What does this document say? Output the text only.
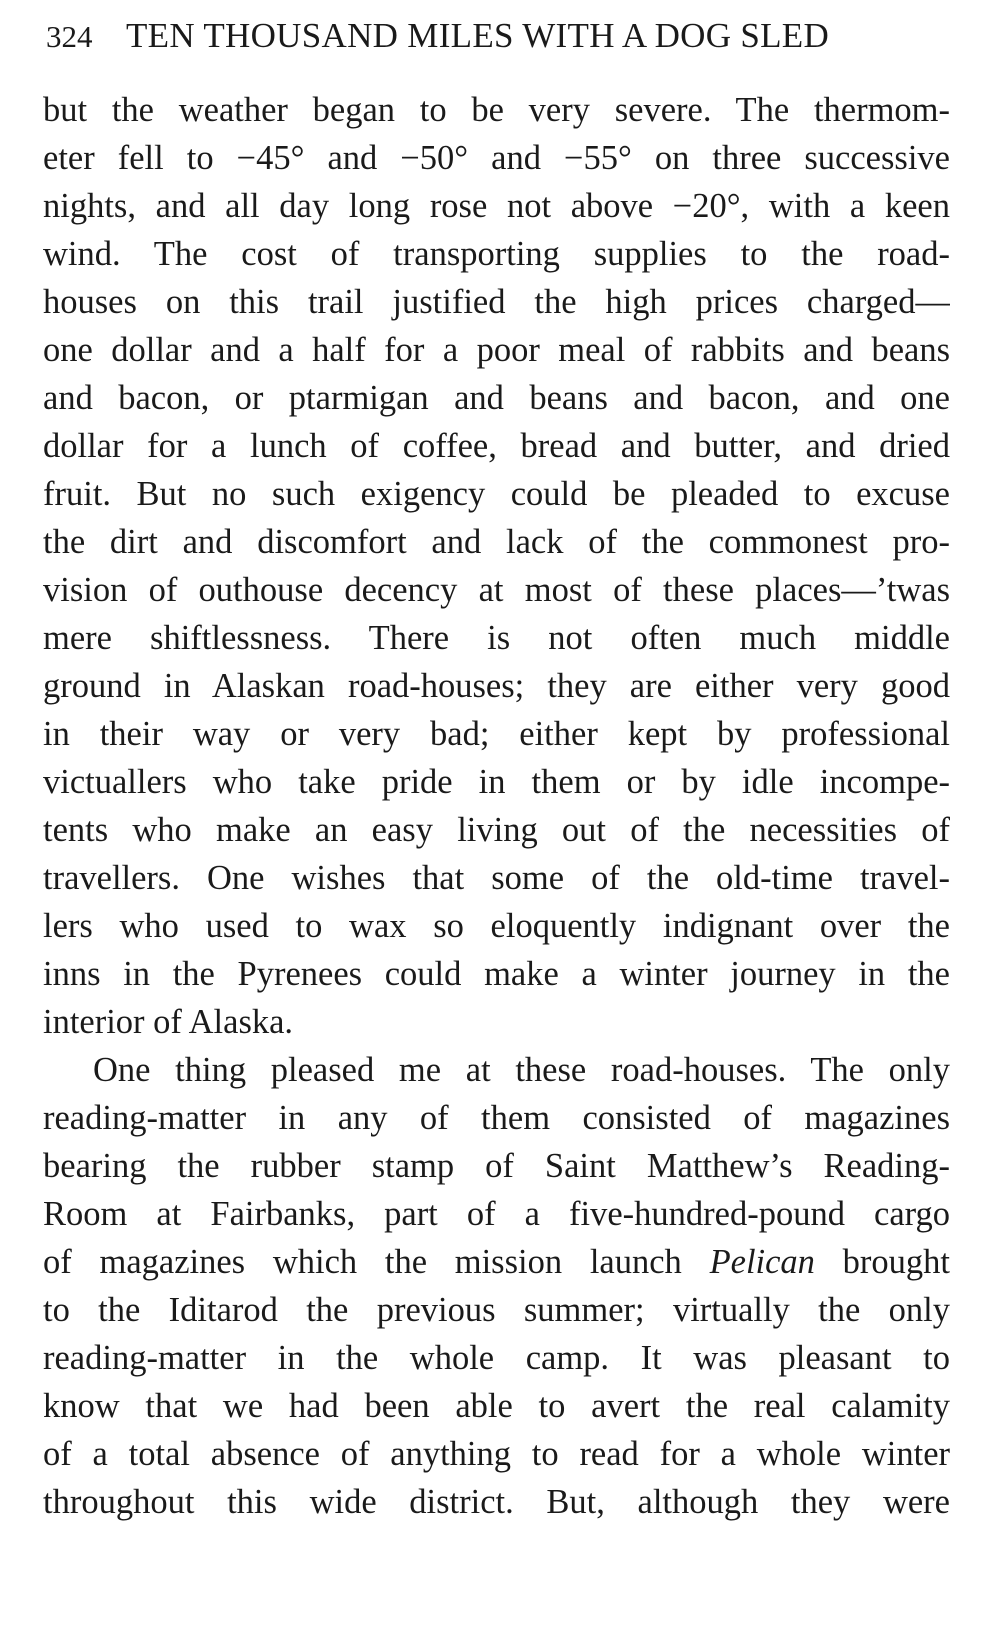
324 TEN THOUSAND MILES WITH A DOG SLED
but the weather began to be very severe. The thermom-
eter fell to −45° and −50° and −55° on three successive
nights, and all day long rose not above −20°, with a keen
wind. The cost of transporting supplies to the road-
houses on this trail justified the high prices charged—
one dollar and a half for a poor meal of rabbits and beans
and bacon, or ptarmigan and beans and bacon, and one
dollar for a lunch of coffee, bread and butter, and dried
fruit. But no such exigency could be pleaded to excuse
the dirt and discomfort and lack of the commonest pro-
vision of outhouse decency at most of these places—’twas
mere shiftlessness. There is not often much middle
ground in Alaskan road-houses; they are either very good
in their way or very bad; either kept by professional
victuallers who take pride in them or by idle incompe-
tents who make an easy living out of the necessities of
travellers. One wishes that some of the old-time travel-
lers who used to wax so eloquently indignant over the
inns in the Pyrenees could make a winter journey in the
interior of Alaska.
One thing pleased me at these road-houses. The only
reading-matter in any of them consisted of magazines
bearing the rubber stamp of Saint Matthew’s Reading-
Room at Fairbanks, part of a five-hundred-pound cargo
of magazines which the mission launch Pelican brought
to the Iditarod the previous summer; virtually the only
reading-matter in the whole camp. It was pleasant to
know that we had been able to avert the real calamity
of a total absence of anything to read for a whole winter
throughout this wide district. But, although they were
